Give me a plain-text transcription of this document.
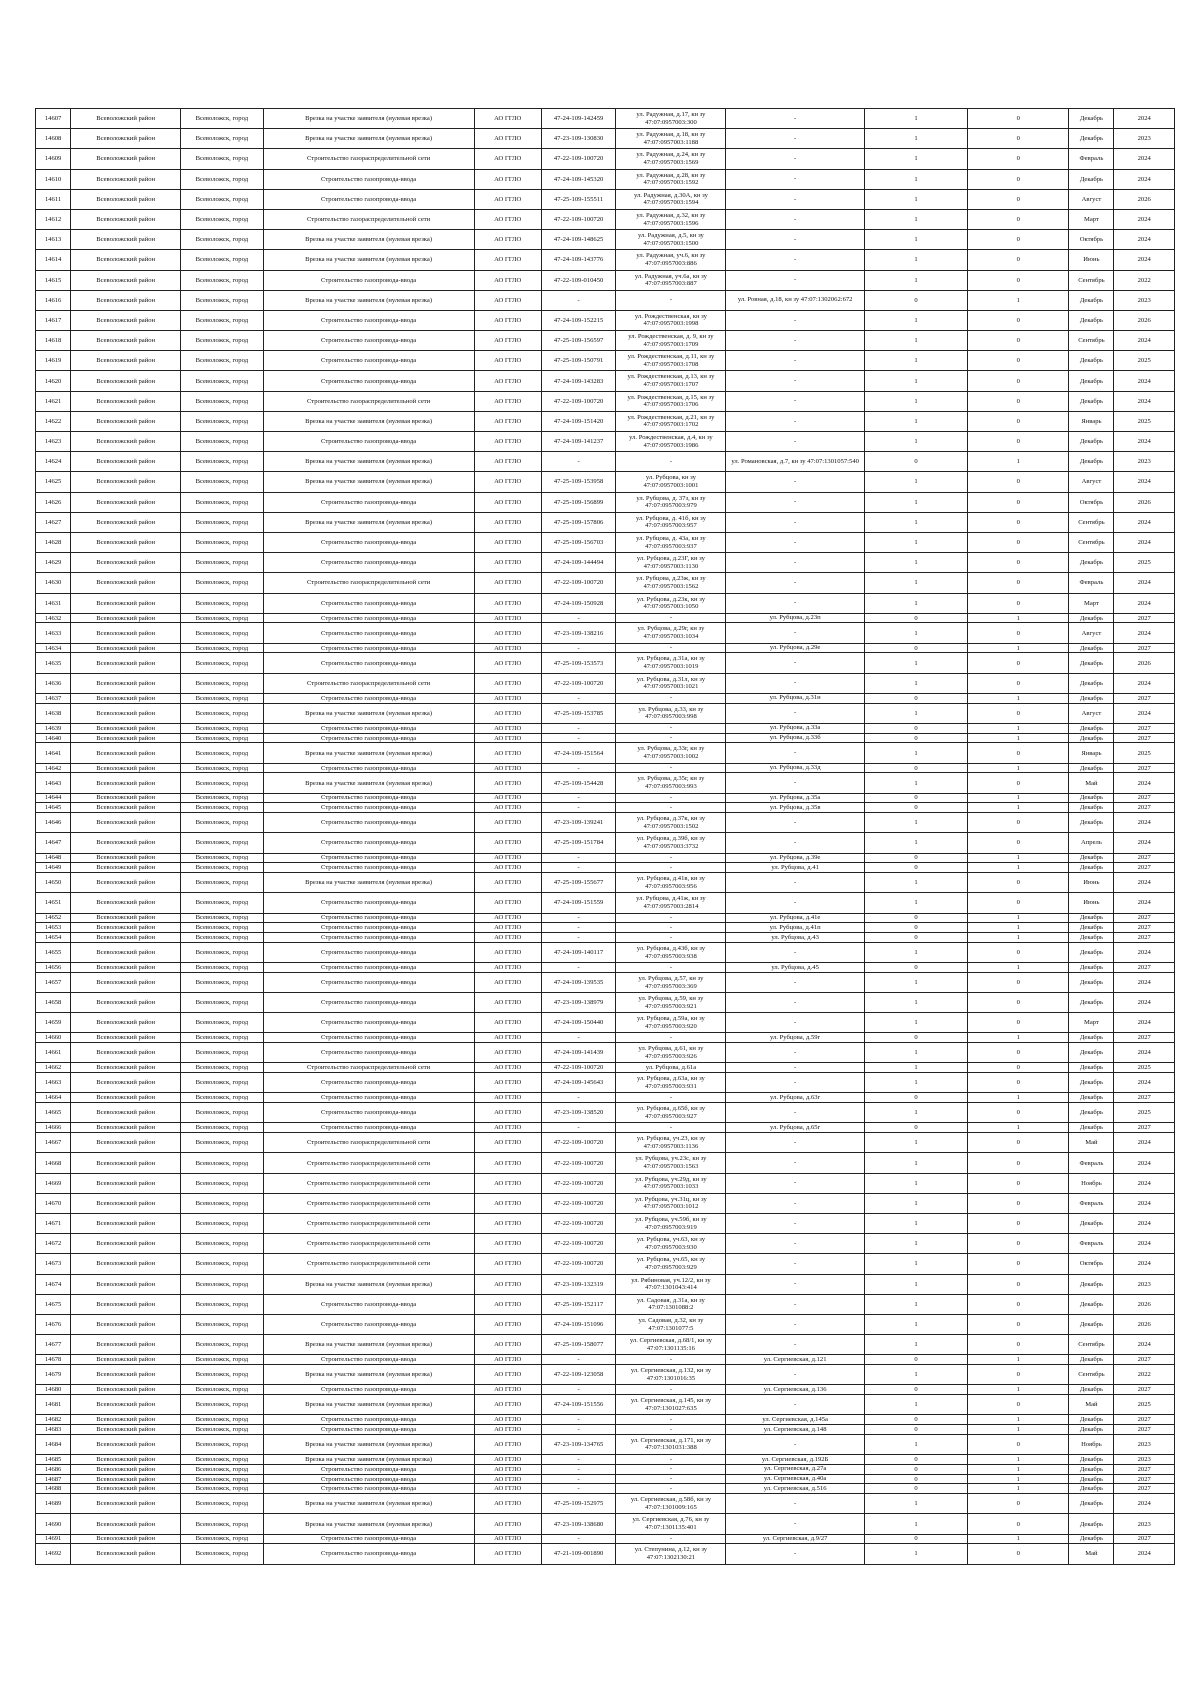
14607	Всеволожский район	Всеволожск, город	Врезка на участке заявителя (нулевая врезка)	АО ГГЛО	47-24-109-142459	ул. Радужная, д.17, кн зу 47:07:0957003:300	-	1	0	Декабрь	2024
14608	Всеволожский район	Всеволожск, город	Врезка на участке заявителя (нулевая врезка)	АО ГГЛО	47-23-109-130830	ул. Радужная, д.18, кн зу 47:07:0957003:1188	-	1	0	Декабрь	2023
14609	Всеволожский район	Всеволожск, город	Строительство газораспределительной сети	АО ГГЛО	47-22-109-100720	ул. Радужная, д.24, кн зу 47:07:0957003:1569	-	1	0	Февраль	2024
14610	Всеволожский район	Всеволожск, город	Строительство газопровода-ввода	АО ГГЛО	47-24-109-145320	ул. Радужная, д.28, кн зу 47:07:0957003:1592	-	1	0	Декабрь	2024
14611	Всеволожский район	Всеволожск, город	Строительство газопровода-ввода	АО ГГЛО	47-25-109-155511	ул. Радужная, д.30А, кн зу 47:07:0957003:1594	-	1	0	Август	2026
14612	Всеволожский район	Всеволожск, город	Строительство газораспределительной сети	АО ГГЛО	47-22-109-100720	ул. Радужная, д.32, кн зу 47:07:0957003:1596	-	1	0	Март	2024
14613	Всеволожский район	Всеволожск, город	Врезка на участке заявителя (нулевая врезка)	АО ГГЛО	47-24-109-148625	ул. Радужная, д.5, кн зу 47:07:0957003:1500	-	1	0	Октябрь	2024
14614	Всеволожский район	Всеволожск, город	Врезка на участке заявителя (нулевая врезка)	АО ГГЛО	47-24-109-143776	ул. Радужная, уч.6, кн зу 47:07:0957003:886	-	1	0	Июнь	2024
14615	Всеволожский район	Всеволожск, город	Строительство газопровода-ввода	АО ГГЛО	47-22-109-010450	ул. Радужная, уч.6а, кн зу 47:07:0957003:887	-	1	0	Сентябрь	2022
14616	Всеволожский район	Всеволожск, город	Врезка на участке заявителя (нулевая врезка)	АО ГГЛО	-	-	ул. Ровная, д.18, кн зу 47:07:1302062:672	0	1	Декабрь	2023
14617	Всеволожский район	Всеволожск, город	Строительство газопровода-ввода	АО ГГЛО	47-24-109-152215	ул. Рождественская, кн зу 47:07:0957003:1998	-	1	0	Декабрь	2026
14618	Всеволожский район	Всеволожск, город	Строительство газопровода-ввода	АО ГГЛО	47-25-109-156597	ул. Рождественская, д. 9, кн зу 47:07:0957003:1709	-	1	0	Сентябрь	2024
14619	Всеволожский район	Всеволожск, город	Строительство газопровода-ввода	АО ГГЛО	47-25-109-150791	ул. Рождественская, д.11, кн зу 47:07:0957003:1708	-	1	0	Декабрь	2025
14620	Всеволожский район	Всеволожск, город	Строительство газопровода-ввода	АО ГГЛО	47-24-109-143283	ул. Рождественская, д.13, кн зу 47:07:0957003:1707	-	1	0	Декабрь	2024
14621	Всеволожский район	Всеволожск, город	Строительство газораспределительной сети	АО ГГЛО	47-22-109-100720	ул. Рождественская, д.15, кн зу 47:07:0957003:1706	-	1	0	Декабрь	2024
14622	Всеволожский район	Всеволожск, город	Врезка на участке заявителя (нулевая врезка)	АО ГГЛО	47-24-109-151420	ул. Рождественская, д.21, кн зу 47:07:0957003:1702	-	1	0	Январь	2025
14623	Всеволожский район	Всеволожск, город	Строительство газопровода-ввода	АО ГГЛО	47-24-109-141237	ул. Рождественская, д.4, кн зу 47:07:0957003:1986	-	1	0	Декабрь	2024
14624	Всеволожский район	Всеволожск, город	Врезка на участке заявителя (нулевая врезка)	АО ГГЛО	-	-	ул. Романовская, д.7, кн зу 47:07:1301057:540	0	1	Декабрь	2023
14625	Всеволожский район	Всеволожск, город	Врезка на участке заявителя (нулевая врезка)	АО ГГЛО	47-25-109-153958	ул. Рубцова, кн зу 47:07:0957003:1001	-	1	0	Август	2024
14626	Всеволожский район	Всеволожск, город	Строительство газопровода-ввода	АО ГГЛО	47-25-109-156899	ул. Рубцова, д. 37з, кн зу 47:07:0957003:979	-	1	0	Октябрь	2026
14627	Всеволожский район	Всеволожск, город	Врезка на участке заявителя (нулевая врезка)	АО ГГЛО	47-25-109-157806	ул. Рубцова, д. 41б, кн зу 47:07:0957003:957	-	1	0	Сентябрь	2024
14628	Всеволожский район	Всеволожск, город	Строительство газопровода-ввода	АО ГГЛО	47-25-109-156703	ул. Рубцова, д. 43а, кн зу 47:07:0957003:937	-	1	0	Сентябрь	2024
14629	Всеволожский район	Всеволожск, город	Строительство газопровода-ввода	АО ГГЛО	47-24-109-144494	ул. Рубцова, д.23Г, кн зу 47:07:0957003:1130	-	1	0	Декабрь	2025
14630	Всеволожский район	Всеволожск, город	Строительство газораспределительной сети	АО ГГЛО	47-22-109-100720	ул. Рубцова, д.23ж, кн зу 47:07:0957003:1562	-	1	0	Февраль	2024
14631	Всеволожский район	Всеволожск, город	Строительство газопровода-ввода	АО ГГЛО	47-24-109-150928	ул. Рубцова, д.23к, кн зу 47:07:0957003:1050	-	1	0	Март	2024
14632	Всеволожский район	Всеволожск, город	Строительство газопровода-ввода	АО ГГЛО	-	-	ул. Рубцова, д.23п	0	1	Декабрь	2027
14633	Всеволожский район	Всеволожск, город	Строительство газопровода-ввода	АО ГГЛО	47-23-109-138216	ул. Рубцова, д.29г, кн зу 47:07:0957003:1034	-	1	0	Август	2024
14634	Всеволожский район	Всеволожск, город	Строительство газопровода-ввода	АО ГГЛО	-	-	ул. Рубцова, д.29е	0	1	Декабрь	2027
14635	Всеволожский район	Всеволожск, город	Строительство газопровода-ввода	АО ГГЛО	47-25-109-153573	ул. Рубцова, д.31а, кн зу 47:07:0957003:1019	-	1	0	Декабрь	2026
14636	Всеволожский район	Всеволожск, город	Строительство газораспределительной сети	АО ГГЛО	47-22-109-100720	ул. Рубцова, д.31л, кн зу 47:07:0957003:1021	-	1	0	Декабрь	2024
14637	Всеволожский район	Всеволожск, город	Строительство газопровода-ввода	АО ГГЛО	-	-	ул. Рубцова, д.31н	0	1	Декабрь	2027
14638	Всеволожский район	Всеволожск, город	Врезка на участке заявителя (нулевая врезка)	АО ГГЛО	47-25-109-153785	ул. Рубцова, д.33, кн зу 47:07:0957003:998	-	1	0	Август	2024
14639	Всеволожский район	Всеволожск, город	Строительство газопровода-ввода	АО ГГЛО	-	-	ул. Рубцова, д.33а	0	1	Декабрь	2027
14640	Всеволожский район	Всеволожск, город	Строительство газопровода-ввода	АО ГГЛО	-	-	ул. Рубцова, д.33б	0	1	Декабрь	2027
14641	Всеволожский район	Всеволожск, город	Врезка на участке заявителя (нулевая врезка)	АО ГГЛО	47-24-109-151564	ул. Рубцова, д.33г, кн зу 47:07:0957003:1002	-	1	0	Январь	2025
14642	Всеволожский район	Всеволожск, город	Строительство газопровода-ввода	АО ГГЛО	-	-	ул. Рубцова, д.33д	0	1	Декабрь	2027
14643	Всеволожский район	Всеволожск, город	Врезка на участке заявителя (нулевая врезка)	АО ГГЛО	47-25-109-154428	ул. Рубцова, д.35г, кн зу 47:07:0957003:993	-	1	0	Май	2024
14644	Всеволожский район	Всеволожск, город	Строительство газопровода-ввода	АО ГГЛО	-	-	ул. Рубцова, д.35а	0	1	Декабрь	2027
14645	Всеволожский район	Всеволожск, город	Строительство газопровода-ввода	АО ГГЛО	-	-	ул. Рубцова, д.35в	0	1	Декабрь	2027
14646	Всеволожский район	Всеволожск, город	Строительство газопровода-ввода	АО ГГЛО	47-23-109-139241	ул. Рубцова, д.37к, кн зу 47:07:0957003:1502	-	1	0	Декабрь	2024
14647	Всеволожский район	Всеволожск, город	Строительство газопровода-ввода	АО ГГЛО	47-25-109-151784	ул. Рубцова, д.39б, кн зу 47:07:0957003:3732	-	1	0	Апрель	2024
14648	Всеволожский район	Всеволожск, город	Строительство газопровода-ввода	АО ГГЛО	-	-	ул. Рубцова, д.39е	0	1	Декабрь	2027
14649	Всеволожский район	Всеволожск, город	Строительство газопровода-ввода	АО ГГЛО	-	-	ул. Рубцова, д.41	0	1	Декабрь	2027
14650	Всеволожский район	Всеволожск, город	Врезка на участке заявителя (нулевая врезка)	АО ГГЛО	47-25-109-155677	ул. Рубцова, д.41в, кн зу 47:07:0957003:956	-	1	0	Июнь	2024
14651	Всеволожский район	Всеволожск, город	Строительство газопровода-ввода	АО ГГЛО	47-24-109-151559	ул. Рубцова, д.41ж, кн зу 47:07:0957003:2814	-	1	0	Июнь	2024
14652	Всеволожский район	Всеволожск, город	Строительство газопровода-ввода	АО ГГЛО	-	-	ул. Рубцова, д.41е	0	1	Декабрь	2027
14653	Всеволожский район	Всеволожск, город	Строительство газопровода-ввода	АО ГГЛО	-	-	ул. Рубцова, д.41п	0	1	Декабрь	2027
14654	Всеволожский район	Всеволожск, город	Строительство газопровода-ввода	АО ГГЛО	-	-	ул. Рубцова, д.43	0	1	Декабрь	2027
14655	Всеволожский район	Всеволожск, город	Строительство газопровода-ввода	АО ГГЛО	47-24-109-140117	ул. Рубцова, д.43б, кн зу 47:07:0957003:938	-	1	0	Декабрь	2024
14656	Всеволожский район	Всеволожск, город	Строительство газопровода-ввода	АО ГГЛО	-	-	ул. Рубцова, д.45	0	1	Декабрь	2027
14657	Всеволожский район	Всеволожск, город	Строительство газопровода-ввода	АО ГГЛО	47-24-109-139535	ул. Рубцова, д.57, кн зу 47:07:0957003:369	-	1	0	Декабрь	2024
14658	Всеволожский район	Всеволожск, город	Строительство газопровода-ввода	АО ГГЛО	47-23-109-138979	ул. Рубцова, д.59, кн зу 47:07:0957003:921	-	1	0	Декабрь	2024
14659	Всеволожский район	Всеволожск, город	Строительство газопровода-ввода	АО ГГЛО	47-24-109-150440	ул. Рубцова, д.59а, кн зу 47:07:0957003:920	-	1	0	Март	2024
14660	Всеволожский район	Всеволожск, город	Строительство газопровода-ввода	АО ГГЛО	-	-	ул. Рубцова, д.59г	0	1	Декабрь	2027
14661	Всеволожский район	Всеволожск, город	Строительство газопровода-ввода	АО ГГЛО	47-24-109-141439	ул. Рубцова, д.61, кн зу 47:07:0957003:926	-	1	0	Декабрь	2024
14662	Всеволожский район	Всеволожск, город	Строительство газораспределительной сети	АО ГГЛО	47-22-109-100720	ул. Рубцова, д.61а	-	1	0	Декабрь	2025
14663	Всеволожский район	Всеволожск, город	Строительство газопровода-ввода	АО ГГЛО	47-24-109-145643	ул. Рубцова, д.63а, кн зу 47:07:0957003:931	-	1	0	Декабрь	2024
14664	Всеволожский район	Всеволожск, город	Строительство газопровода-ввода	АО ГГЛО	-	-	ул. Рубцова, д.63г	0	1	Декабрь	2027
14665	Всеволожский район	Всеволожск, город	Строительство газопровода-ввода	АО ГГЛО	47-23-109-138520	ул. Рубцова, д.65б, кн зу 47:07:0957003:927	-	1	0	Декабрь	2025
14666	Всеволожский район	Всеволожск, город	Строительство газопровода-ввода	АО ГГЛО	-	-	ул. Рубцова, д.65г	0	1	Декабрь	2027
14667	Всеволожский район	Всеволожск, город	Строительство газораспределительной сети	АО ГГЛО	47-22-109-100720	ул. Рубцова, уч.23, кн зу 47:07:0957003:1136	-	1	0	Май	2024
14668	Всеволожский район	Всеволожск, город	Строительство газораспределительной сети	АО ГГЛО	47-22-109-100720	ул. Рубцова, уч.23с, кн зу 47:07:0957003:1563	-	1	0	Февраль	2024
14669	Всеволожский район	Всеволожск, город	Строительство газораспределительной сети	АО ГГЛО	47-22-109-100720	ул. Рубцова, уч.29д, кн зу 47:07:0957003:1033	-	1	0	Ноябрь	2024
14670	Всеволожский район	Всеволожск, город	Строительство газораспределительной сети	АО ГГЛО	47-22-109-100720	ул. Рубцова, уч.31ц, кн зу 47:07:0957003:1012	-	1	0	Февраль	2024
14671	Всеволожский район	Всеволожск, город	Строительство газораспределительной сети	АО ГГЛО	47-22-109-100720	ул. Рубцова, уч.59б, кн зу 47:07:0957003:919	-	1	0	Декабрь	2024
14672	Всеволожский район	Всеволожск, город	Строительство газораспределительной сети	АО ГГЛО	47-22-109-100720	ул. Рубцова, уч.63, кн зу 47:07:0957003:930	-	1	0	Февраль	2024
14673	Всеволожский район	Всеволожск, город	Строительство газораспределительной сети	АО ГГЛО	47-22-109-100720	ул. Рубцова, уч.65, кн зу 47:07:0957003:929	-	1	0	Октябрь	2024
14674	Всеволожский район	Всеволожск, город	Врезка на участке заявителя (нулевая врезка)	АО ГГЛО	47-23-109-132319	ул. Рябиновая, уч.12/2, кн зу 47:07:1301043:414	-	1	0	Декабрь	2023
14675	Всеволожский район	Всеволожск, город	Строительство газопровода-ввода	АО ГГЛО	47-25-109-152117	ул. Садовая, д.31а, кн зу 47:07:1301088:2	-	1	0	Декабрь	2026
14676	Всеволожский район	Всеволожск, город	Строительство газопровода-ввода	АО ГГЛО	47-24-109-151096	ул. Садовая, д.32, кн зу 47:07:1301077:5	-	1	0	Декабрь	2026
14677	Всеволожский район	Всеволожск, город	Врезка на участке заявителя (нулевая врезка)	АО ГГЛО	47-25-109-158077	ул. Сергиевская, д.68/1, кн зу 47:07:1301135:16	-	1	0	Сентябрь	2024
14678	Всеволожский район	Всеволожск, город	Строительство газопровода-ввода	АО ГГЛО	-	-	ул. Сергиевская, д.121	0	1	Декабрь	2027
14679	Всеволожский район	Всеволожск, город	Врезка на участке заявителя (нулевая врезка)	АО ГГЛО	47-22-109-123058	ул. Сергиевская, д.132, кн зу 47:07:1301016:35	-	1	0	Сентябрь	2022
14680	Всеволожский район	Всеволожск, город	Строительство газопровода-ввода	АО ГГЛО	-	-	ул. Сергиевская, д.136	0	1	Декабрь	2027
14681	Всеволожский район	Всеволожск, город	Врезка на участке заявителя (нулевая врезка)	АО ГГЛО	47-24-109-151556	ул. Сергиевская, д.145, кн зу 47:07:1301027:635	-	1	0	Май	2025
14682	Всеволожский район	Всеволожск, город	Строительство газопровода-ввода	АО ГГЛО	-	-	ул. Сергиевская, д.145а	0	1	Декабрь	2027
14683	Всеволожский район	Всеволожск, город	Строительство газопровода-ввода	АО ГГЛО	-	-	ул. Сергиевская, д.148	0	1	Декабрь	2027
14684	Всеволожский район	Всеволожск, город	Врезка на участке заявителя (нулевая врезка)	АО ГГЛО	47-23-109-134765	ул. Сергиевская, д.171, кн зу 47:07:1301031:388	-	1	0	Ноябрь	2023
14685	Всеволожский район	Всеволожск, город	Врезка на участке заявителя (нулевая врезка)	АО ГГЛО	-	-	ул. Сергиевская, д.192Б	0	1	Декабрь	2023
14686	Всеволожский район	Всеволожск, город	Строительство газопровода-ввода	АО ГГЛО	-	-	ул. Сергиевская, д.27а	0	1	Декабрь	2027
14687	Всеволожский район	Всеволожск, город	Строительство газопровода-ввода	АО ГГЛО	-	-	ул. Сергиевская, д.40а	0	1	Декабрь	2027
14688	Всеволожский район	Всеволожск, город	Строительство газопровода-ввода	АО ГГЛО	-	-	ул. Сергиевская, д.516	0	1	Декабрь	2027
14689	Всеволожский район	Всеволожск, город	Врезка на участке заявителя (нулевая врезка)	АО ГГЛО	47-25-109-152975	ул. Сергиевская, д.58б, кн зу 47:07:1301009:165	-	1	0	Декабрь	2024
14690	Всеволожский район	Всеволожск, город	Врезка на участке заявителя (нулевая врезка)	АО ГГЛО	47-23-109-138680	ул. Сергиевская, д.76, кн зу 47:07:1301135:401	-	1	0	Декабрь	2023
14691	Всеволожский район	Всеволожск, город	Строительство газопровода-ввода	АО ГГЛО	-	-	ул. Сергиевская, д.9/27	0	1	Декабрь	2027
14692	Всеволожский район	Всеволожск, город	Строительство газопровода-ввода	АО ГГЛО	47-21-109-001890	ул. Степунина, д.12, кн зу 47:07:1302130:21	-	1	0	Май	2024
